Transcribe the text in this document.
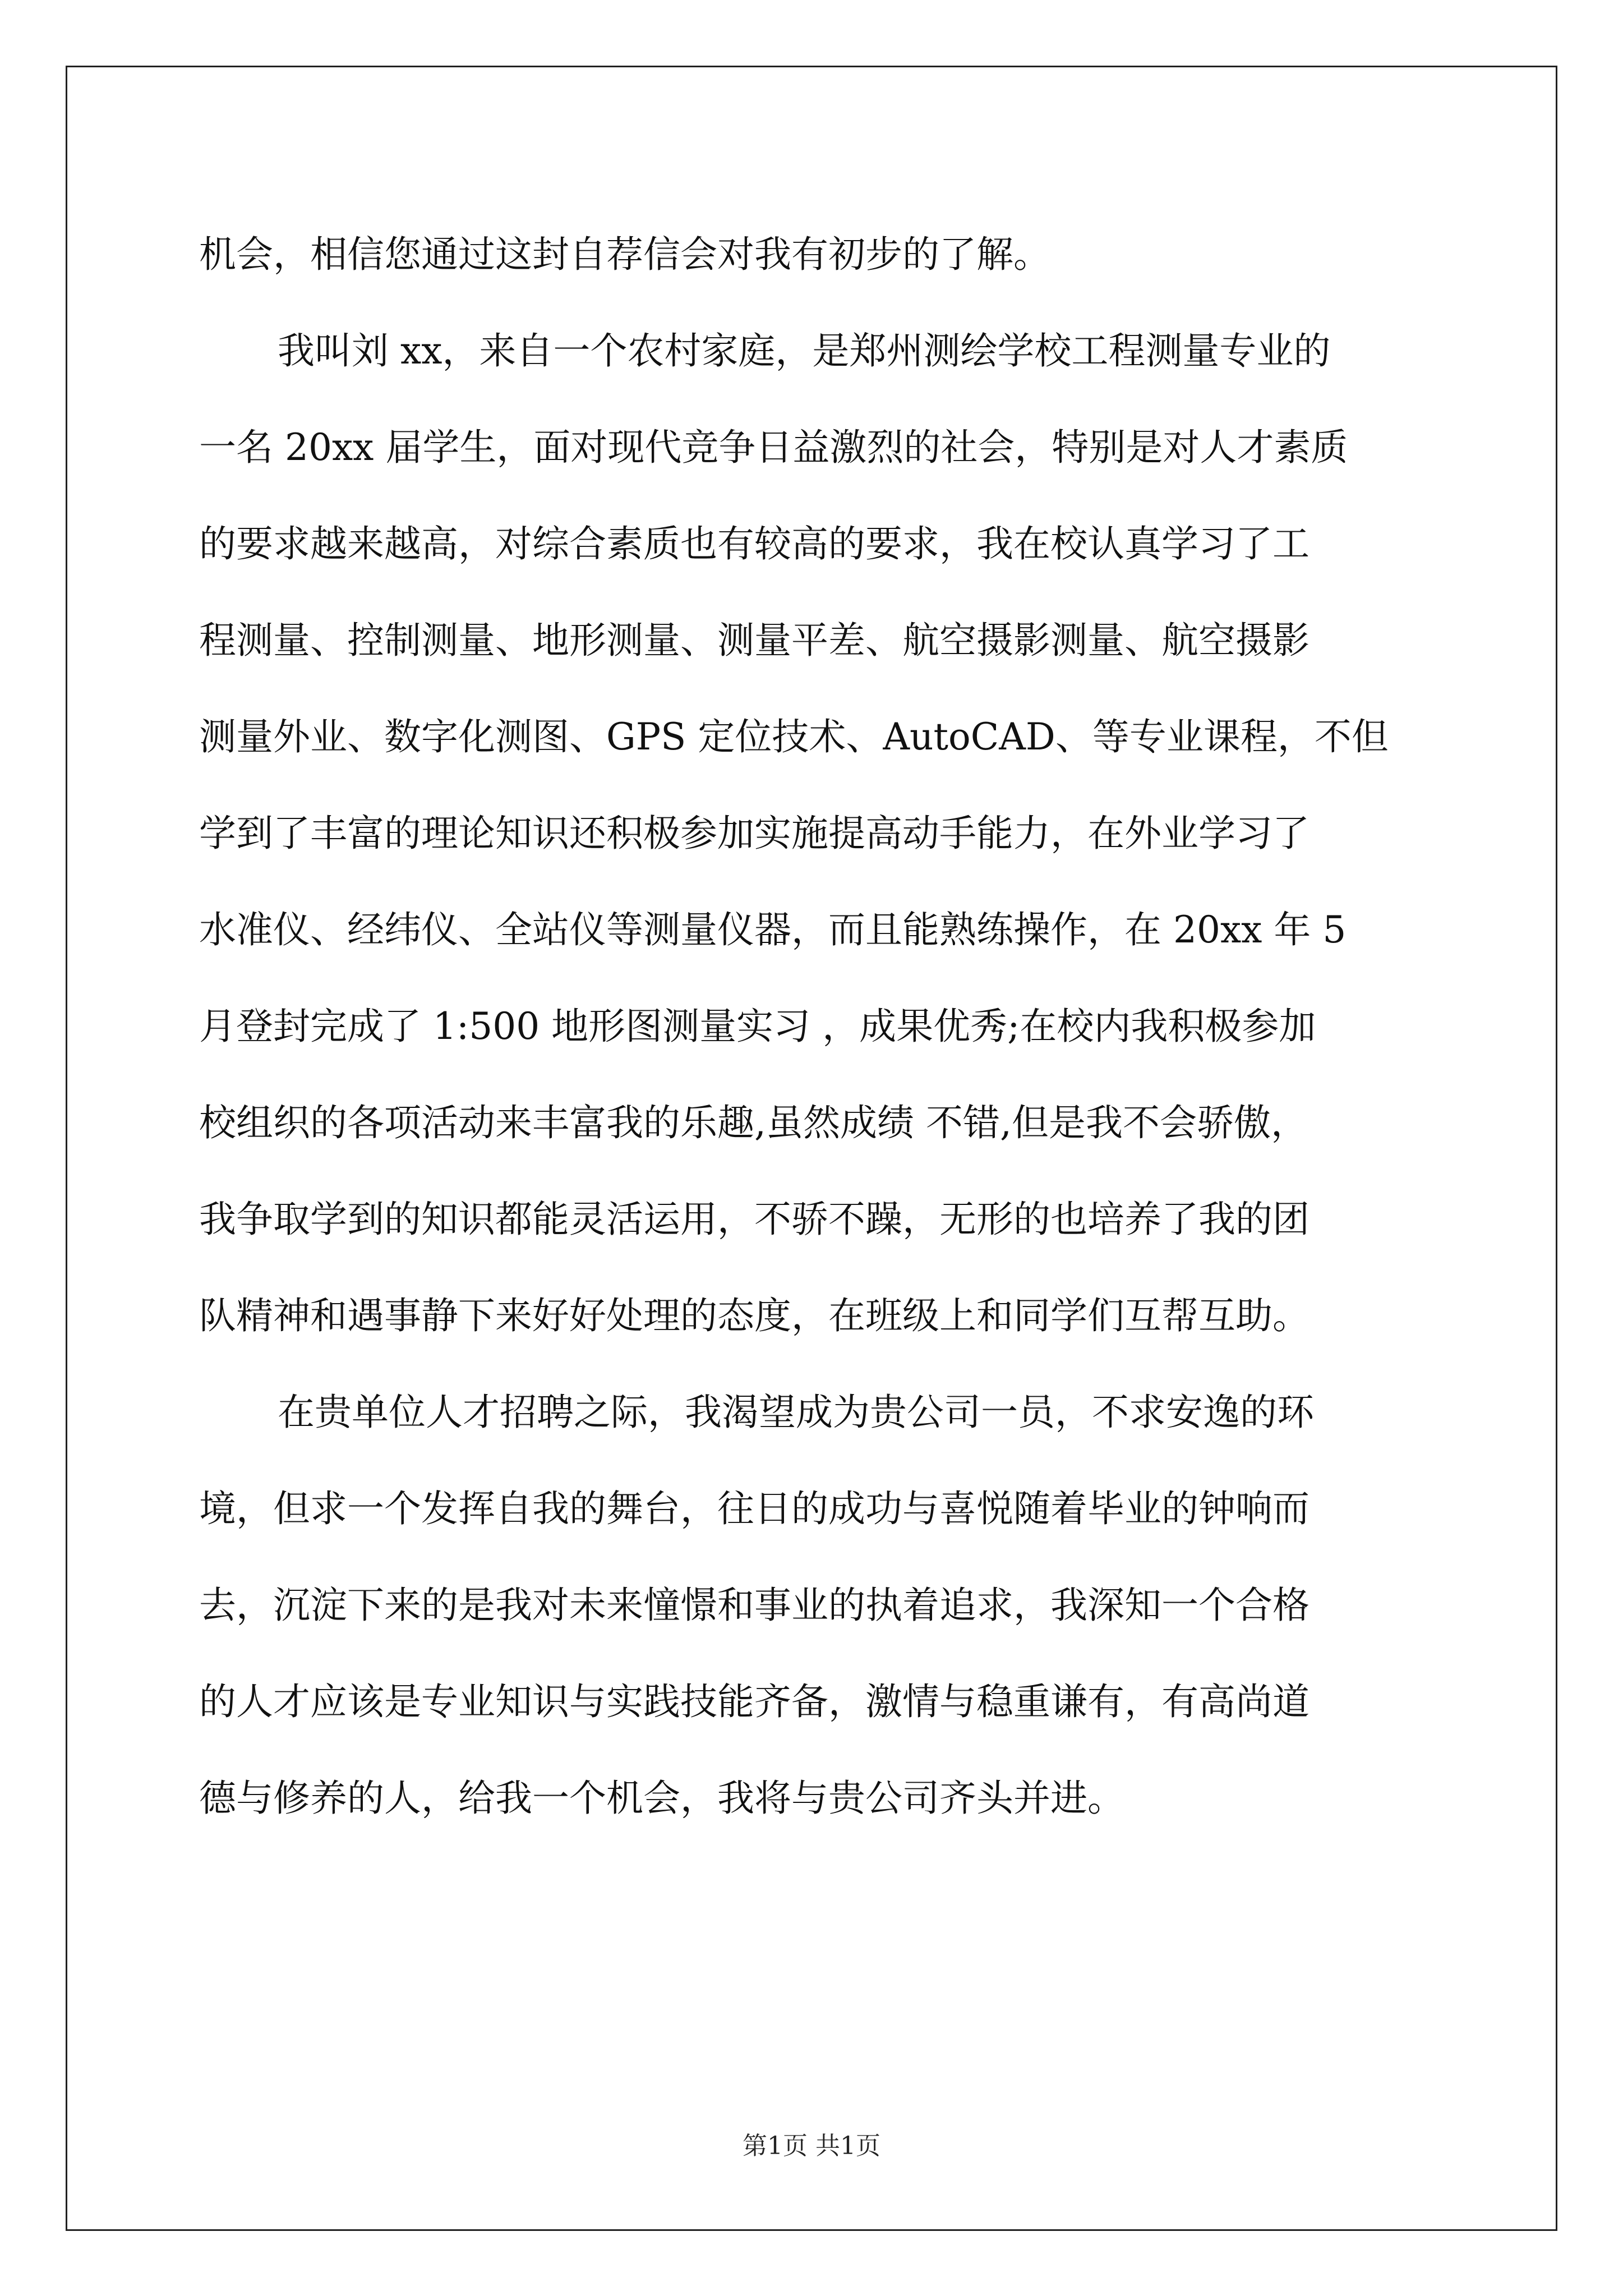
机会，相信您通过这封自荐信会对我有初步的了解。
我叫刘 xx，来自一个农村家庭，是郑州测绘学校工程测量专业的
一名 20xx 届学生，面对现代竞争日益激烈的社会，特别是对人才素质
的要求越来越高，对综合素质也有较高的要求，我在校认真学习了工
程测量、控制测量、地形测量、测量平差、航空摄影测量、航空摄影
测量外业、数字化测图、GPS 定位技术、AutoCAD、等专业课程，不但
学到了丰富的理论知识还积极参加实施提高动手能力，在外业学习了
水准仪、经纬仪、全站仪等测量仪器，而且能熟练操作，在 20xx 年 5
月登封完成了 1:500 地形图测量实习 ，成果优秀;在校内我积极参加
校组织的各项活动来丰富我的乐趣,虽然成绩 不错,但是我不会骄傲，
我争取学到的知识都能灵活运用，不骄不躁，无形的也培养了我的团
队精神和遇事静下来好好处理的态度，在班级上和同学们互帮互助。
在贵单位人才招聘之际，我渴望成为贵公司一员，不求安逸的环
境，但求一个发挥自我的舞台，往日的成功与喜悦随着毕业的钟响而
去，沉淀下来的是我对未来憧憬和事业的执着追求，我深知一个合格
的人才应该是专业知识与实践技能齐备，激情与稳重谦有，有高尚道
德与修养的人，给我一个机会，我将与贵公司齐头并进。
第1页 共1页
